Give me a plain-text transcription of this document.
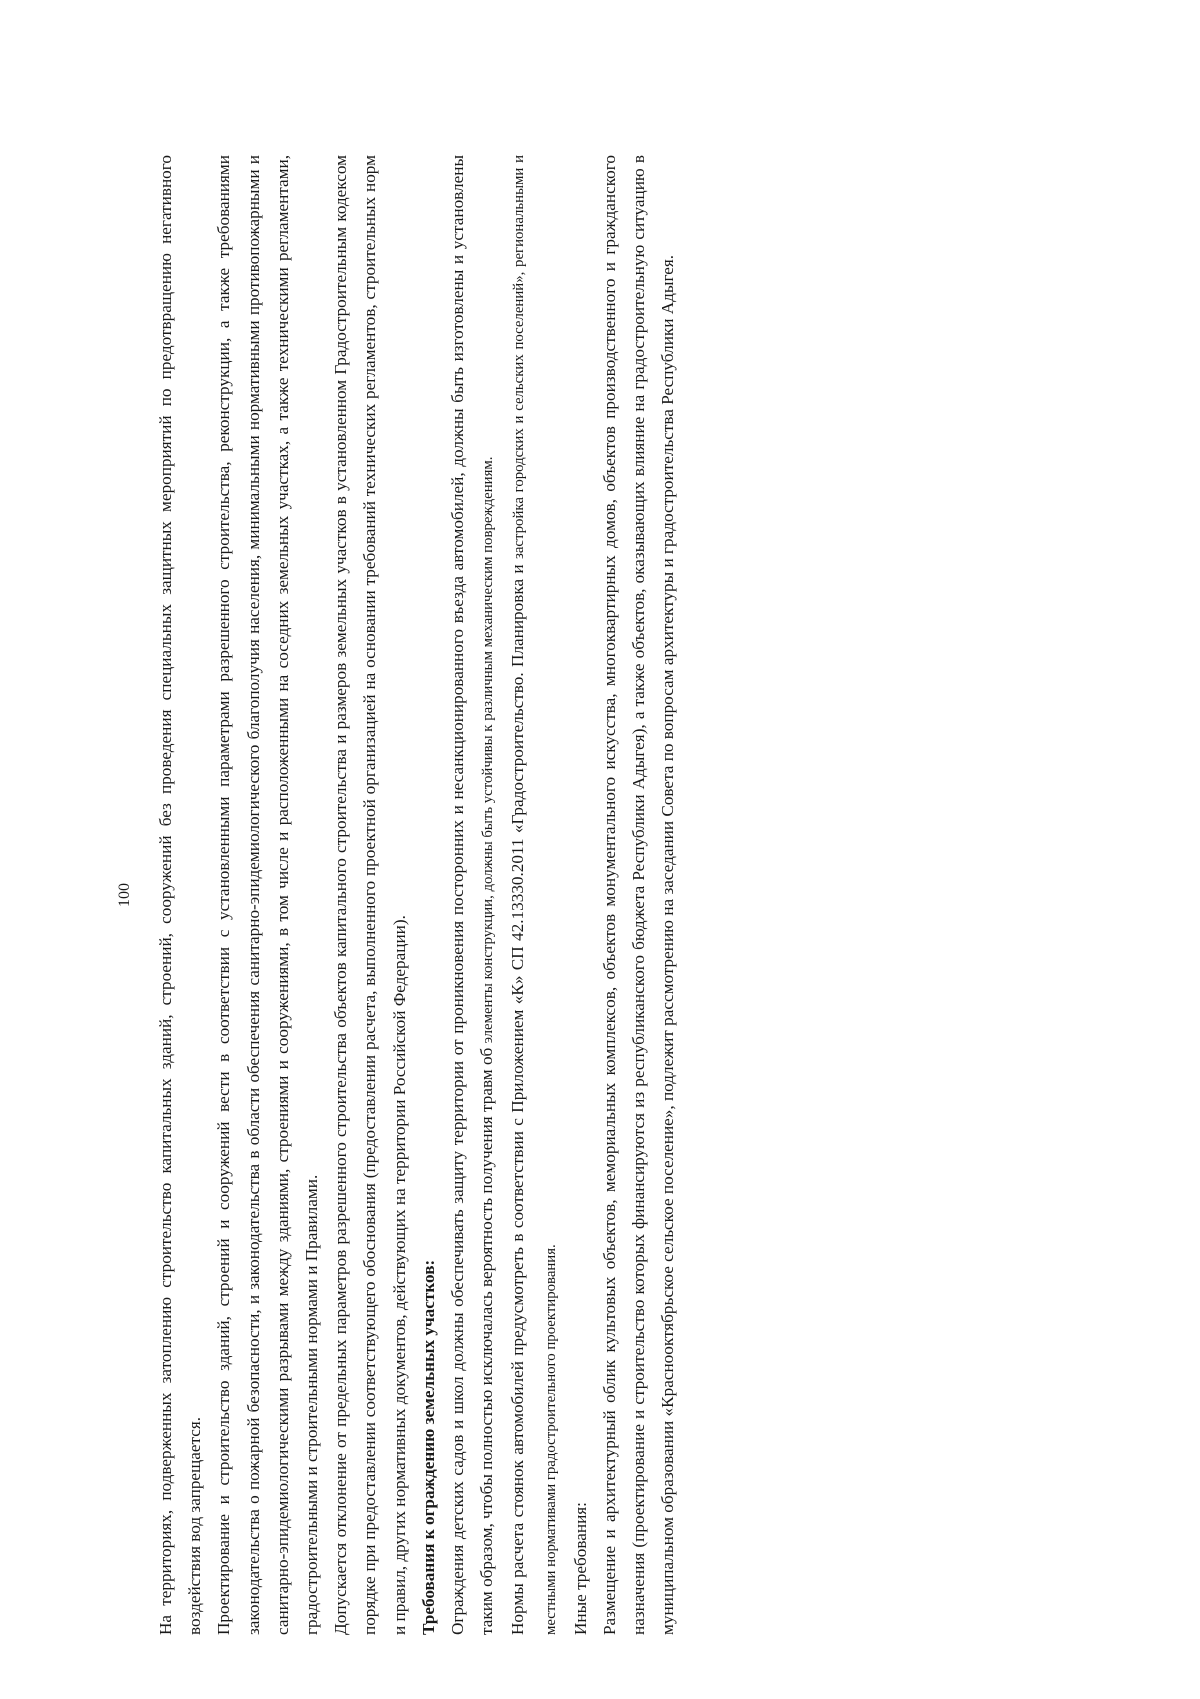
100 На территориях, подверженных затоплению строительство капитальных зданий, строений, сооружений без проведения специальных защитных мероприятий по предотвращению негативного воздействия вод запрещается. Проектирование и строительство зданий, строений и сооружений вести в соответствии с установленными параметрами разрешенного строительства, реконструкции, а также требованиями законодательства о пожарной безопасности, и законодательства в области обеспечения санитарно-эпидемиологического благополучия населения, минимальными нормативными противопожарными и санитарно-эпидемиологическими разрывами между зданиями, строениями и сооружениями, в том числе и расположенными на соседних земельных участках, а также техническими регламентами, градостроительными и строительными нормами и Правилами. Допускается отклонение от предельных параметров разрешенного строительства объектов капитального строительства и размеров земельных участков в установленном Градостроительным кодексом порядке при предоставлении соответствующего обоснования (предоставлении расчета, выполненного проектной организацией на основании требований технических регламентов, строительных норм и правил, других нормативных документов, действующих на территории Российской Федерации).

Требования к ограждению земельных участков: Ограждения детских садов и школ должны обеспечивать защиту территории от проникновения посторонних и несанкционированного въезда автомобилей, должны быть изготовлены и установлены таким образом, чтобы полностью исключалась вероятность получения травм об элементы конструкции, должны быть устойчивы к различным механическим повреждениям. Нормы расчета стоянок автомобилей предусмотреть в соответствии с Приложением «К» СП 42.13330.2011 «Градостроительство. Планировка и застройка городских и сельских поселений», региональными и местными нормативами градостроительного проектирования. Иные требования: Размещение и архитектурный облик культовых объектов, мемориальных комплексов, объектов монументального искусства, многоквартирных домов, объектов производственного и гражданского назначения (проектирование и строительство которых финансируются из республиканского бюджета Республики Адыгея), а также объектов, оказывающих влияние на градостроительную ситуацию в муниципальном образовании «Краснооктябрьское сельское поселение», подлежит рассмотрению на заседании Совета по вопросам архитектуры и градостроительства Республики Адыгея.
